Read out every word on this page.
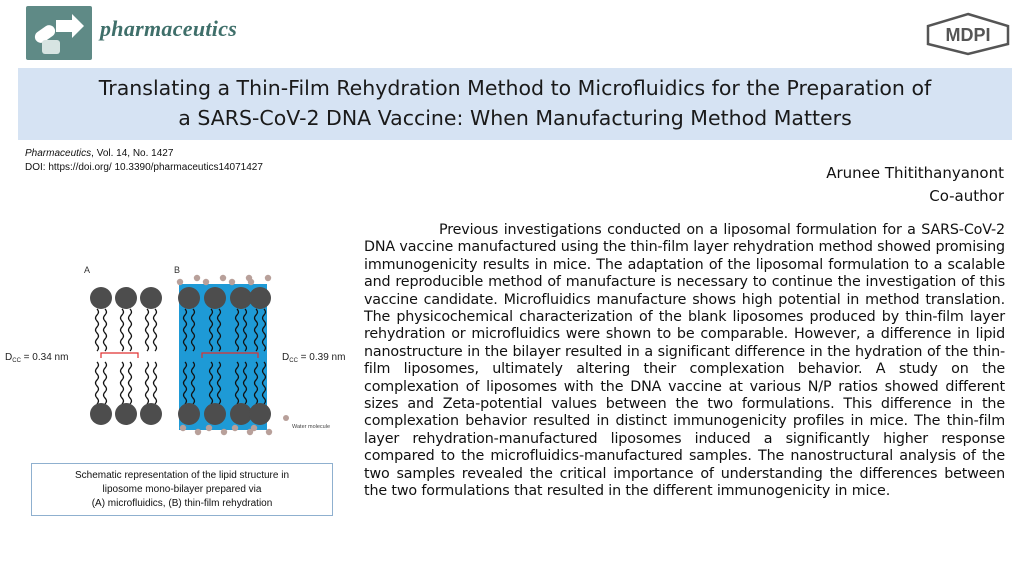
pharmaceutics	MDPI
Translating a Thin-Film Rehydration Method to Microfluidics for the Preparation of
a SARS-CoV-2 DNA Vaccine: When Manufacturing Method Matters
Pharmaceutics, Vol. 14, No. 1427
DOI: https://doi.org/ 10.3390/pharmaceutics14071427	Arunee Thitithanyanont
Co-author

Previous investigations conducted on a liposomal formulation for a SARS-CoV-2 DNA vaccine manufactured using the thin-film layer rehydration method showed promising immunogenicity results in mice. The adaptation of the liposomal formulation to a scalable and reproducible method of manufacture is necessary to continue the investigation of this vaccine candidate. Microfluidics manufacture shows high potential in method translation. The physicochemical characterization of the blank liposomes produced by thin-film layer rehydration or microfluidics were shown to be comparable. However, a difference in lipid nanostructure in the bilayer resulted in a significant difference in the hydration of the thin-film liposomes, ultimately altering their complexation behavior. A study on the complexation of liposomes with the DNA vaccine at various N/P ratios showed different sizes and Zeta-potential values between the two formulations. This difference in the complexation behavior resulted in distinct immunogenicity profiles in mice. The thin-film layer rehydration-manufactured liposomes induced a significantly higher response compared to the microfluidics-manufactured samples. The nanostructural analysis of the two samples revealed the critical importance of understanding the differences between the two formulations that resulted in the different immunogenicity in mice.

A	B
$D_{CC} = 0.34$ nm	$D_{CC} = 0.39$ nm
Water molecule
Schematic representation of the lipid structure in
liposome mono-bilayer prepared via
(A) microfluidics, (B) thin-film rehydration
